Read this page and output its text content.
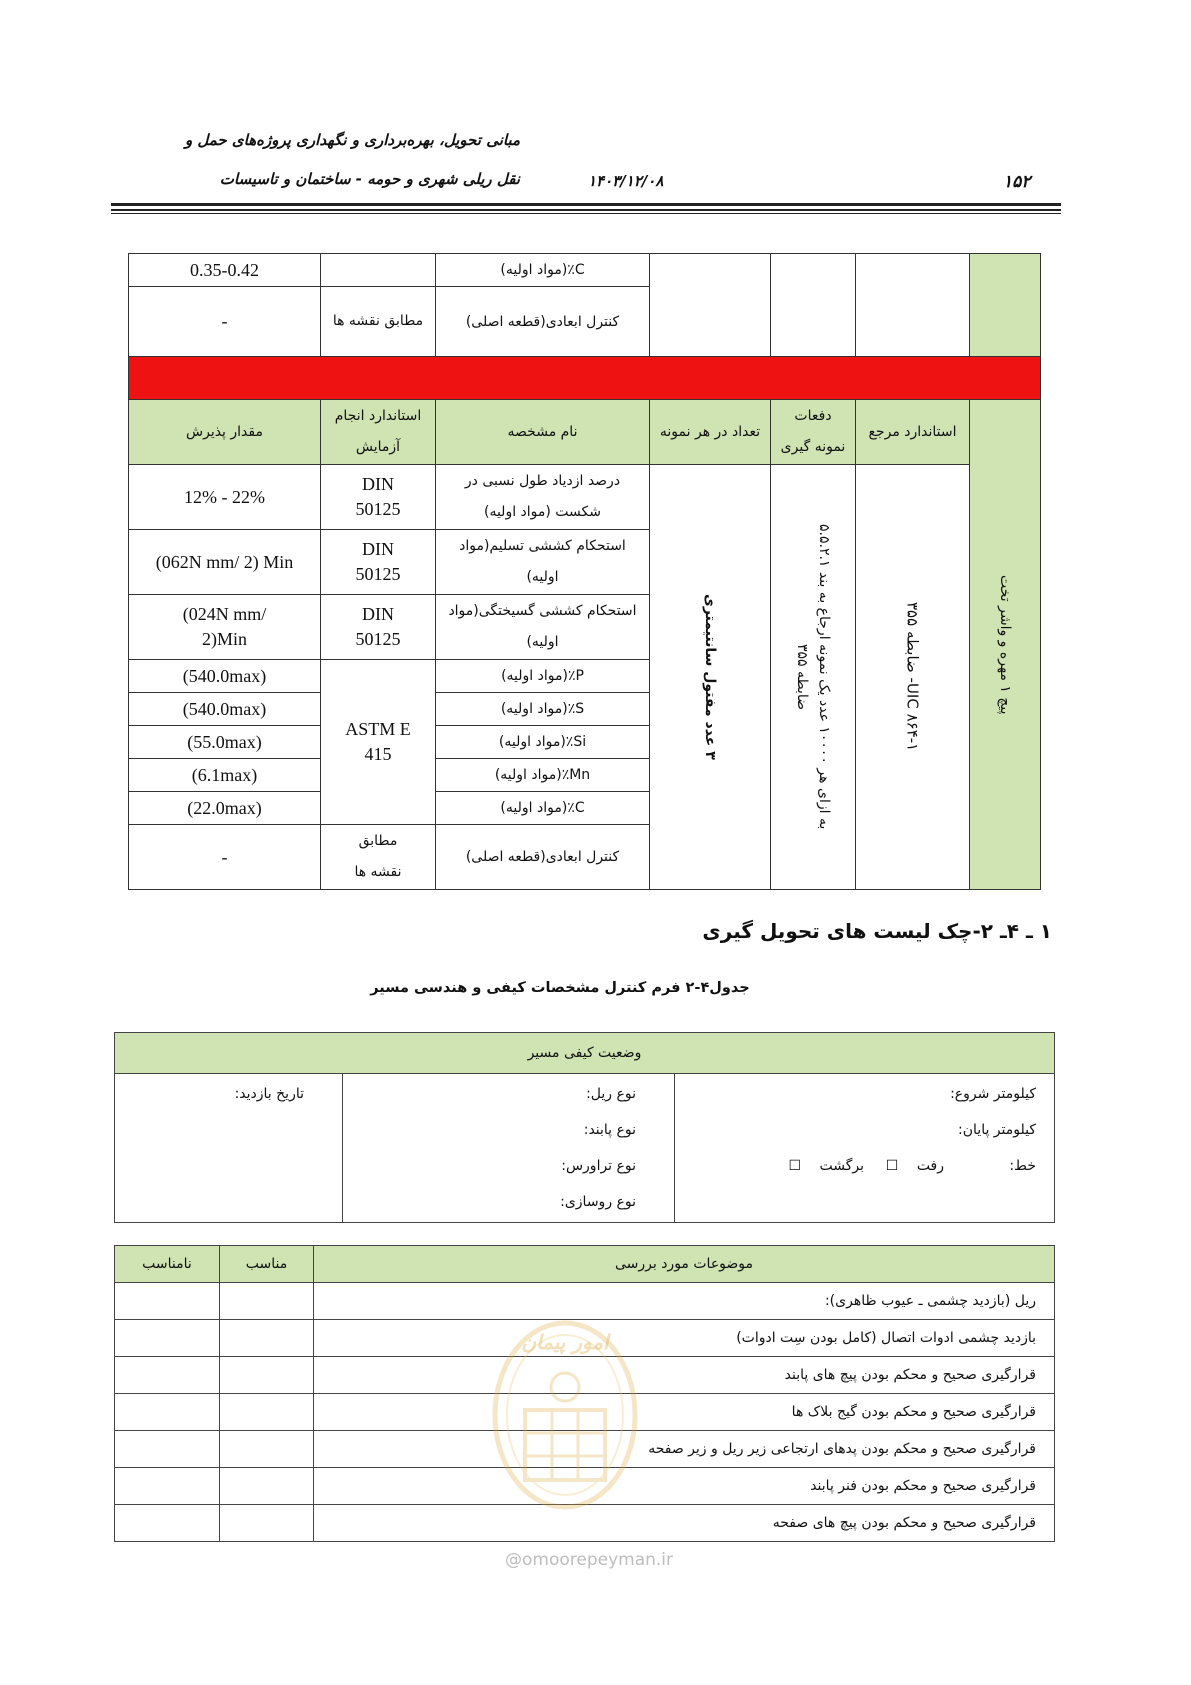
مبانی تحویل، بهره‌برداری و نگهداری پروژه‌های حمل و
نقل ریلی شهری و حومه - ساختمان و تاسیسات	۱۴۰۳/۱۲/۰۸	۱۵۲
0.35-0.42		C٪(مواد اولیه)				
-	مطابق نقشه ها	کنترل ابعادی(قطعه اصلی)				

مقدار پذیرش	استاندارد انجام آزمایش	نام مشخصه	تعداد در هر نمونه	دفعات نمونه گیری	استاندارد مرجع	پیچ ۱ مهره و واشر تخت

12% - 22%	DIN 50125	درصد ازدیاد طول نسبی در شکست (مواد اولیه)	۳ عدد مفتول سانتیمتری	به ازای هر ۱۰۰۰۰ عدد یک نمونه ارجاع به بند ۵.۵.۲.۱ ضابطه ۳۵۵	UIC ۸۶۴-۱- ضابطه ۳۵۵	

(062N mm/ 2) Min	DIN 50125	استحکام کششی تسلیم(مواد اولیه)				
(024N mm/ 2)Min	DIN 50125	استحکام کششی گسیختگی(مواد اولیه)				
(540.0max)	ASTM E 415	P٪(مواد اولیه)				
(540.0max)		S٪(مواد اولیه)				
(55.0max)		Si٪(مواد اولیه)				
(6.1max)		Mn٪(مواد اولیه)				
(22.0max)		C٪(مواد اولیه)				
-	مطابق نقشه ها	کنترل ابعادی(قطعه اصلی)				
۱ ـ ۴ـ ۲-چک لیست های تحویل گیری
جدول۴-۲ فرم کنترل مشخصات کیفی و هندسی مسیر
وضعیت کیفی مسیر

کیلومتر شروع:
کیلومتر پایان:
خط:
رفت ☐
برگشت ☐

نوع ریل:
نوع پابند:
نوع تراورس:
نوع روسازی:

تاریخ بازدید:
موضوعات مورد بررسی	مناسب	نامناسب
ریل (بازدید چشمی ـ عیوب ظاهری):		
بازدید چشمی ادوات اتصال (کامل بودن سِت ادوات)		
قرارگیری صحیح و محکم بودن پیچ های پابند		
قرارگیری صحیح و محکم بودن گیج بلاک ها		
قرارگیری صحیح و محکم بودن پدهای ارتجاعی زیر ریل و زیر صفحه		
قرارگیری صحیح و محکم بودن فنر پابند		
قرارگیری صحیح و محکم بودن پیچ های صفحه		
امور پیمان
@omoorepeyman.ir
